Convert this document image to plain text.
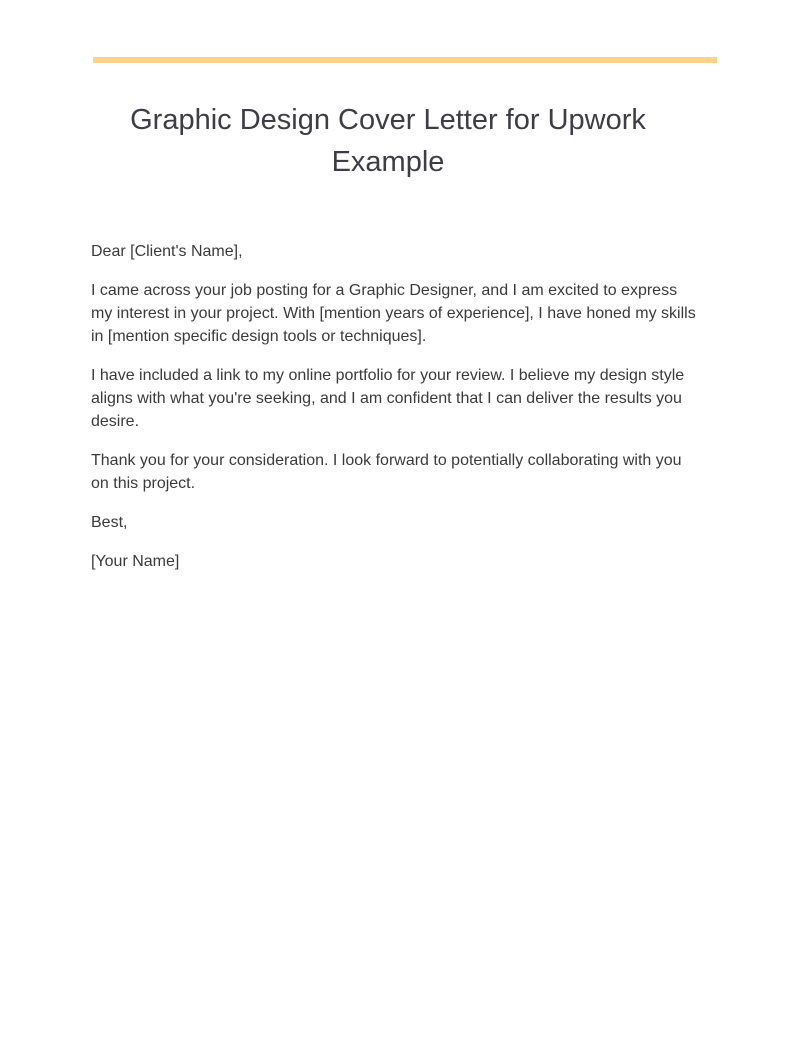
Graphic Design Cover Letter for Upwork Example

Dear [Client's Name],

I came across your job posting for a Graphic Designer, and I am excited to express my interest in your project. With [mention years of experience], I have honed my skills in [mention specific design tools or techniques].

I have included a link to my online portfolio for your review. I believe my design style aligns with what you're seeking, and I am confident that I can deliver the results you desire.

Thank you for your consideration. I look forward to potentially collaborating with you on this project.

Best,

[Your Name]
